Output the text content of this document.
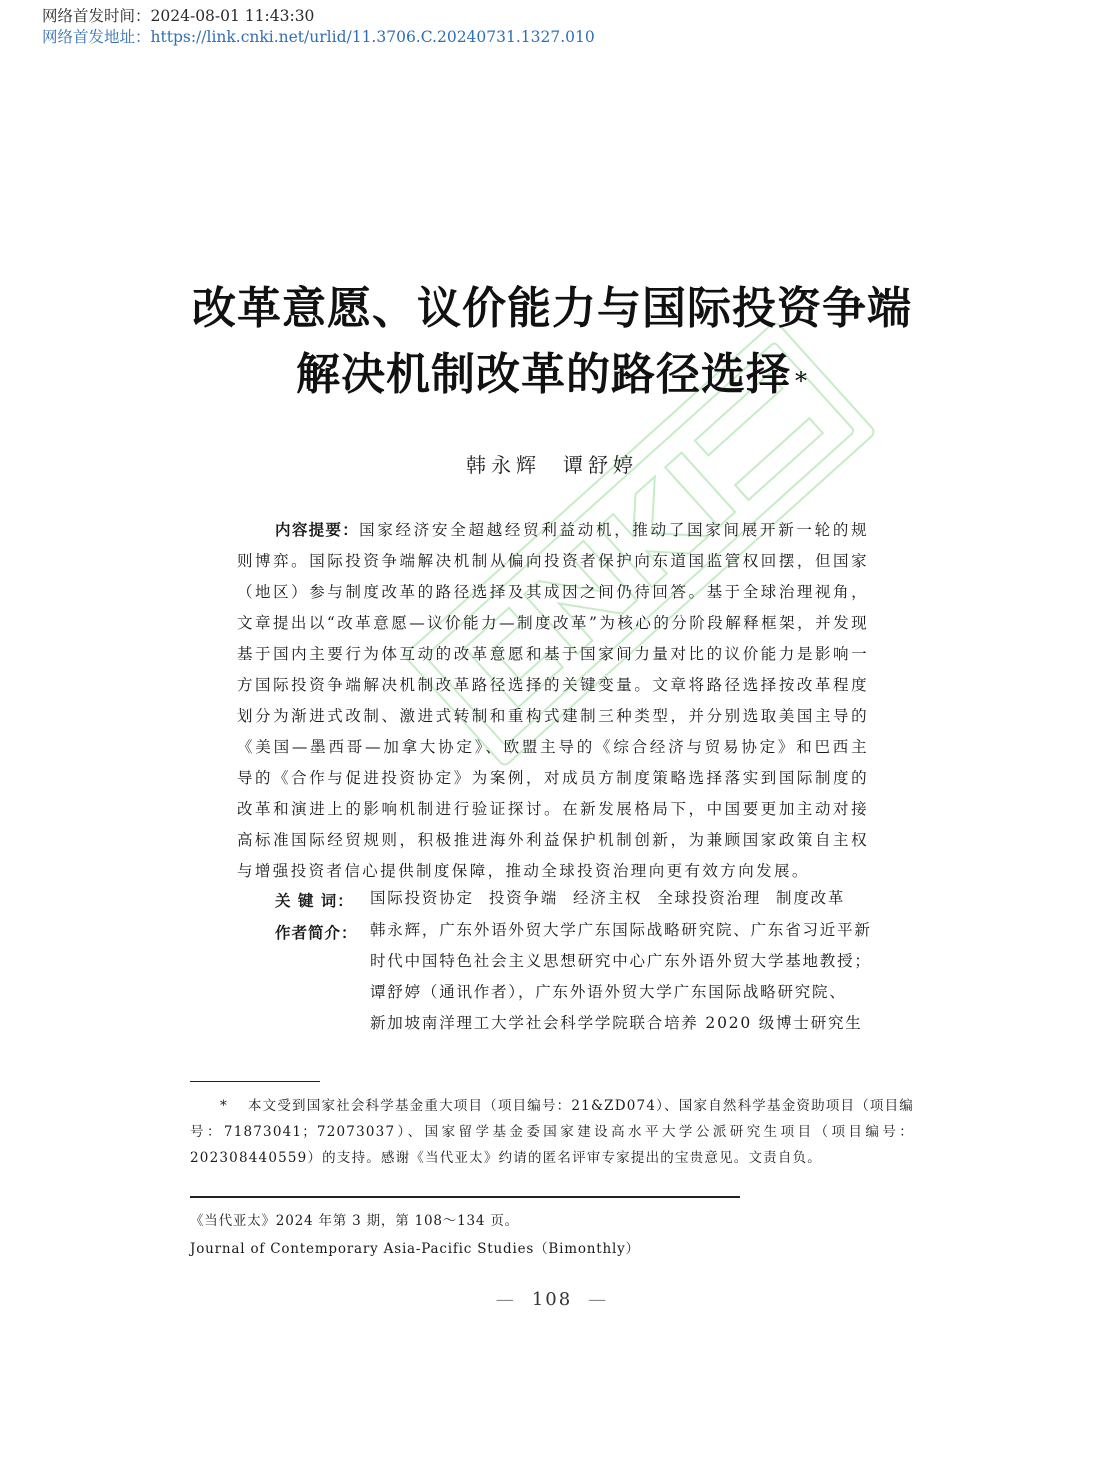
网络首发时间：2024-08-01 11:43:30
网络首发地址：https://link.cnki.net/urlid/11.3706.C.20240731.1327.010
改革意愿、议价能力与国际投资争端
解决机制改革的路径选择 *
韩永辉 谭舒婷
内容提要：国家经济安全超越经贸利益动机，推动了国家间展开新一轮的规则博弈。国际投资争端解决机制从偏向投资者保护向东道国监管权回摆，但国家（地区）参与制度改革的路径选择及其成因之间仍待回答。基于全球治理视角，文章提出以“改革意愿—议价能力—制度改革”为核心的分阶段解释框架，并发现基于国内主要行为体互动的改革意愿和基于国家间力量对比的议价能力是影响一方国际投资争端解决机制改革路径选择的关键变量。文章将路径选择按改革程度划分为渐进式改制、激进式转制和重构式建制三种类型，并分别选取美国主导的《美国—墨西哥—加拿大协定》、欧盟主导的《综合经济与贸易协定》和巴西主导的《合作与促进投资协定》为案例，对成员方制度策略选择落实到国际制度的改革和演进上的影响机制进行验证探讨。在新发展格局下，中国要更加主动对接高标准国际经贸规则，积极推进海外利益保护机制创新，为兼顾国家政策自主权与增强投资者信心提供制度保障，推动全球投资治理向更有效方向发展。
关 键 词： 国际投资协定 投资争端 经济主权 全球投资治理 制度改革
作者简介： 韩永辉，广东外语外贸大学广东国际战略研究院、广东省习近平新
时代中国特色社会主义思想研究中心广东外语外贸大学基地教授；
谭舒婷（通讯作者），广东外语外贸大学广东国际战略研究院、
新加坡南洋理工大学社会科学学院联合培养 2020 级博士研究生
* 本文受到国家社会科学基金重大项目（项目编号：21&ZD074）、国家自然科学基金资助项目（项目编号：71873041；72073037）、国家留学基金委国家建设高水平大学公派研究生项目（项目编号：202308440559）的支持。感谢《当代亚太》约请的匿名评审专家提出的宝贵意见。文责自负。
《当代亚太》2024 年第 3 期，第 108～134 页。
Journal of Contemporary Asia-Pacific Studies（Bimonthly）
— 108 —
